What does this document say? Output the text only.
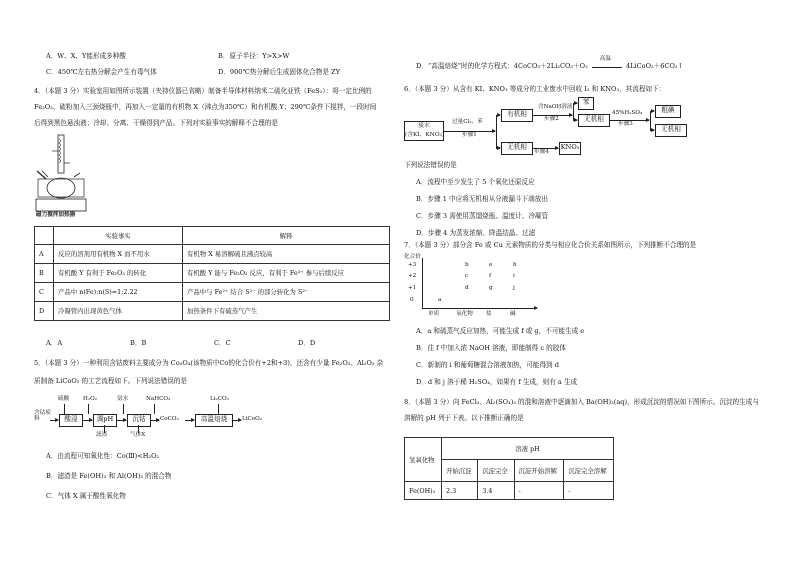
A．W、X、Y能形成多种酸	B．原子半径：Y>X>W
C．450℃左右热分解会产生有毒气体	D．900℃热分解后生成固体化合物是 ZY
4．（本题 3 分）实验室用如图所示装置（夹持仪器已省略）制备半导体材料纳米二硫化亚铁（FeS₂）：将一定比例的
Fe₂O₃、硫粉加入三颈烧瓶中，再加入一定量的有机物 X（沸点为350℃）和有机酸 Y；290℃条件下搅拌，一段时间
后得到黑色悬浊液；冷却、分离、干燥得到产品。下列对实验事实的解释不合理的是
磁力搅拌加热器
	实验事实	解释
A	反应的溶剂用有机物 X 而不用水	有机物 X 易溶解硫且沸点较高
B	有机酸 Y 有利于 Fe₂O₃ 的转化	有机酸 Y 能与 Fe₂O₃ 反应，有利于 Fe³⁺ 参与后续反应
C	产品中 n(Fe):n(S)=1:2.22	产品中与 Fe²⁺ 结合 S²⁻ 的部分转化为 S²⁻
D	冷凝管内出现黄色气体	加热条件下有硫蒸气产生
A．A	B．B	C．C	D．D
5．（本题 3 分）一种利用含钴废料主要成分为 Co₃O₄(该物质中Co的化合价有+2和+3)，还含有少量 Fe₂O₃、Al₂O₃ 杂
质制备 LiCoO₂ 的工艺流程如下。下列说法错误的是
硫酸 H₂O₂	氨水	NaHCO₃	Li₂CO₃
含钴废料	酸浸	调pH	沉钴	CoCO₃	高温焙烧	LiCoO₂
滤渣	气体X
A．由流程可知氧化性：Co(Ⅲ)<H₂O₂
B．滤渣是 Fe(OH)₃ 和 Al(OH)₃ 的混合物
C．气体 X 属于酸性氧化物
D．“高温焙烧”时的化学方程式：4CoCO₃＋2Li₂CO₃＋O₂
高温
4LiCoO₂＋6CO₂↑
6．（本题 3 分）从含有 KI、KNO₃ 等成分的工业废水中回收 I₂ 和 KNO₃，其流程如下：
废水
(含KI、KNO₃)
过量Cl₂、苯
步骤1
有机相
无机相
含NaOH溶液
步骤2
苯
无机相
45%H₂SO₄
步骤3
粗碘
无机相
步骤4
KNO₃
下列说法错误的是
A．流程中至少发生了 5 个氧化还原反应
B．步骤 1 中应将无机相从分液漏斗下端放出
C．步骤 3 需使用蒸馏烧瓶、温度计、冷凝管
D．步骤 4 为蒸发浓缩、降温结晶、过滤
7．（本题 3 分）部分含 Fe 或 Cu 元素物质的分类与相应化合价关系如图所示，下列推断不合理的是
化合价
+3
+2
+1
0	a
b
c
d
e
f
g
h
i
j
单质	氧化物 盐	碱
A．a 和硫蒸气反应加热，可能生成 f 或 g，不可能生成 e
B．往 f 中加入浓 NaOH 溶液，即能制得 c 的胶体
C．新制的 i 和葡萄糖混合溶液加热，可能得到 d
D．d 和 j 溶于稀 H₂SO₄，如果有 f 生成，则有 a 生成
8．（本题 3 分）向 FeCl₃、Al₂(SO₄)₃ 的混和溶液中逐滴加入 Ba(OH)₂(aq)，形成沉淀的情况如下图所示。沉淀的生成与
溶解的 pH 列于下表。以下推断正确的是
氢氧化物	溶液 pH			
	开始沉淀	沉淀完全	沉淀开始溶解	沉淀完全溶解
Fe(OH)₃	2.3	3.4	-	-
